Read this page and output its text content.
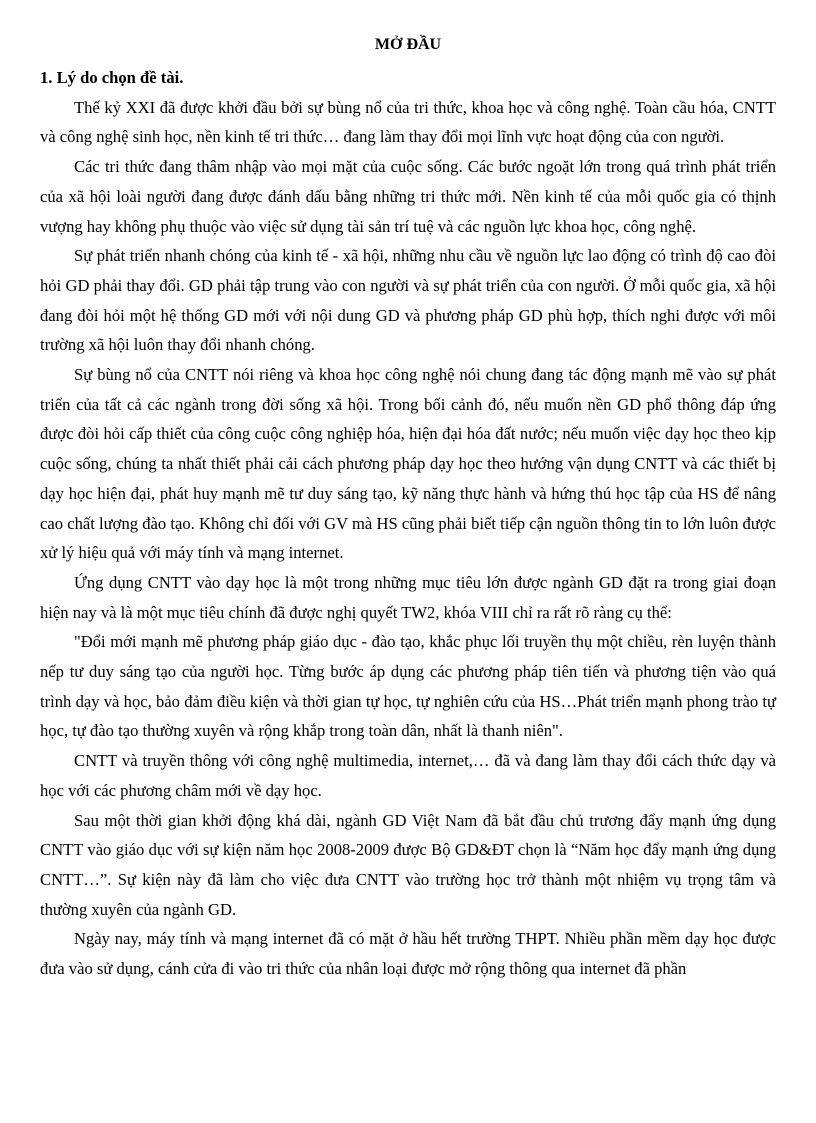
MỞ ĐẦU
1. Lý do chọn đề tài.

Thế kỷ XXI đã được khởi đầu bởi sự bùng nổ của tri thức, khoa học và công nghệ. Toàn cầu hóa, CNTT và công nghệ sinh học, nền kinh tế tri thức… đang làm thay đổi mọi lĩnh vực hoạt động của con người.

Các tri thức đang thâm nhập vào mọi mặt của cuộc sống. Các bước ngoặt lớn trong quá trình phát triển của xã hội loài người đang được đánh dấu bằng những tri thức mới. Nền kinh tế của mỗi quốc gia có thịnh vượng hay không phụ thuộc vào việc sử dụng tài sản trí tuệ và các nguồn lực khoa học, công nghệ.

Sự phát triển nhanh chóng của kinh tế - xã hội, những nhu cầu về nguồn lực lao động có trình độ cao đòi hỏi GD phải thay đổi. GD phải tập trung vào con người và sự phát triển của con người. Ở mỗi quốc gia, xã hội đang đòi hỏi một hệ thống GD mới với nội dung GD và phương pháp GD phù hợp, thích nghi được với môi trường xã hội luôn thay đổi nhanh chóng.

Sự bùng nổ của CNTT nói riêng và khoa học công nghệ nói chung đang tác động mạnh mẽ vào sự phát triển của tất cả các ngành trong đời sống xã hội. Trong bối cảnh đó, nếu muốn nền GD phổ thông đáp ứng được đòi hỏi cấp thiết của công cuộc công nghiệp hóa, hiện đại hóa đất nước; nếu muốn việc dạy học theo kịp cuộc sống, chúng ta nhất thiết phải cải cách phương pháp dạy học theo hướng vận dụng CNTT và các thiết bị dạy học hiện đại, phát huy mạnh mẽ tư duy sáng tạo, kỹ năng thực hành và hứng thú học tập của HS để nâng cao chất lượng đào tạo. Không chỉ đối với GV mà HS cũng phải biết tiếp cận nguồn thông tin to lớn luôn được xử lý hiệu quả với máy tính và mạng internet.

Ứng dụng CNTT vào dạy học là một trong những mục tiêu lớn được ngành GD đặt ra trong giai đoạn hiện nay và là một mục tiêu chính đã được nghị quyết TW2, khóa VIII chỉ ra rất rõ ràng cụ thể:

"Đổi mới mạnh mẽ phương pháp giáo dục - đào tạo, khắc phục lối truyền thụ một chiều, rèn luyện thành nếp tư duy sáng tạo của người học. Từng bước áp dụng các phương pháp tiên tiến và phương tiện vào quá trình dạy và học, bảo đảm điều kiện và thời gian tự học, tự nghiên cứu của HS…Phát triển mạnh phong trào tự học, tự đào tạo thường xuyên và rộng khắp trong toàn dân, nhất là thanh niên".

CNTT và truyền thông với công nghệ multimedia, internet,… đã và đang làm thay đổi cách thức dạy và học với các phương châm mới về dạy học.

Sau một thời gian khởi động khá dài, ngành GD Việt Nam đã bắt đầu chủ trương đẩy mạnh ứng dụng CNTT vào giáo dục với sự kiện năm học 2008-2009 được Bộ GD&ĐT chọn là “Năm học đẩy mạnh ứng dụng CNTT…”. Sự kiện này đã làm cho việc đưa CNTT vào trường học trở thành một nhiệm vụ trọng tâm và thường xuyên của ngành GD.

Ngày nay, máy tính và mạng internet đã có mặt ở hầu hết trường THPT. Nhiều phần mềm dạy học được đưa vào sử dụng, cánh cửa đi vào tri thức của nhân loại được mở rộng thông qua internet đã phần
